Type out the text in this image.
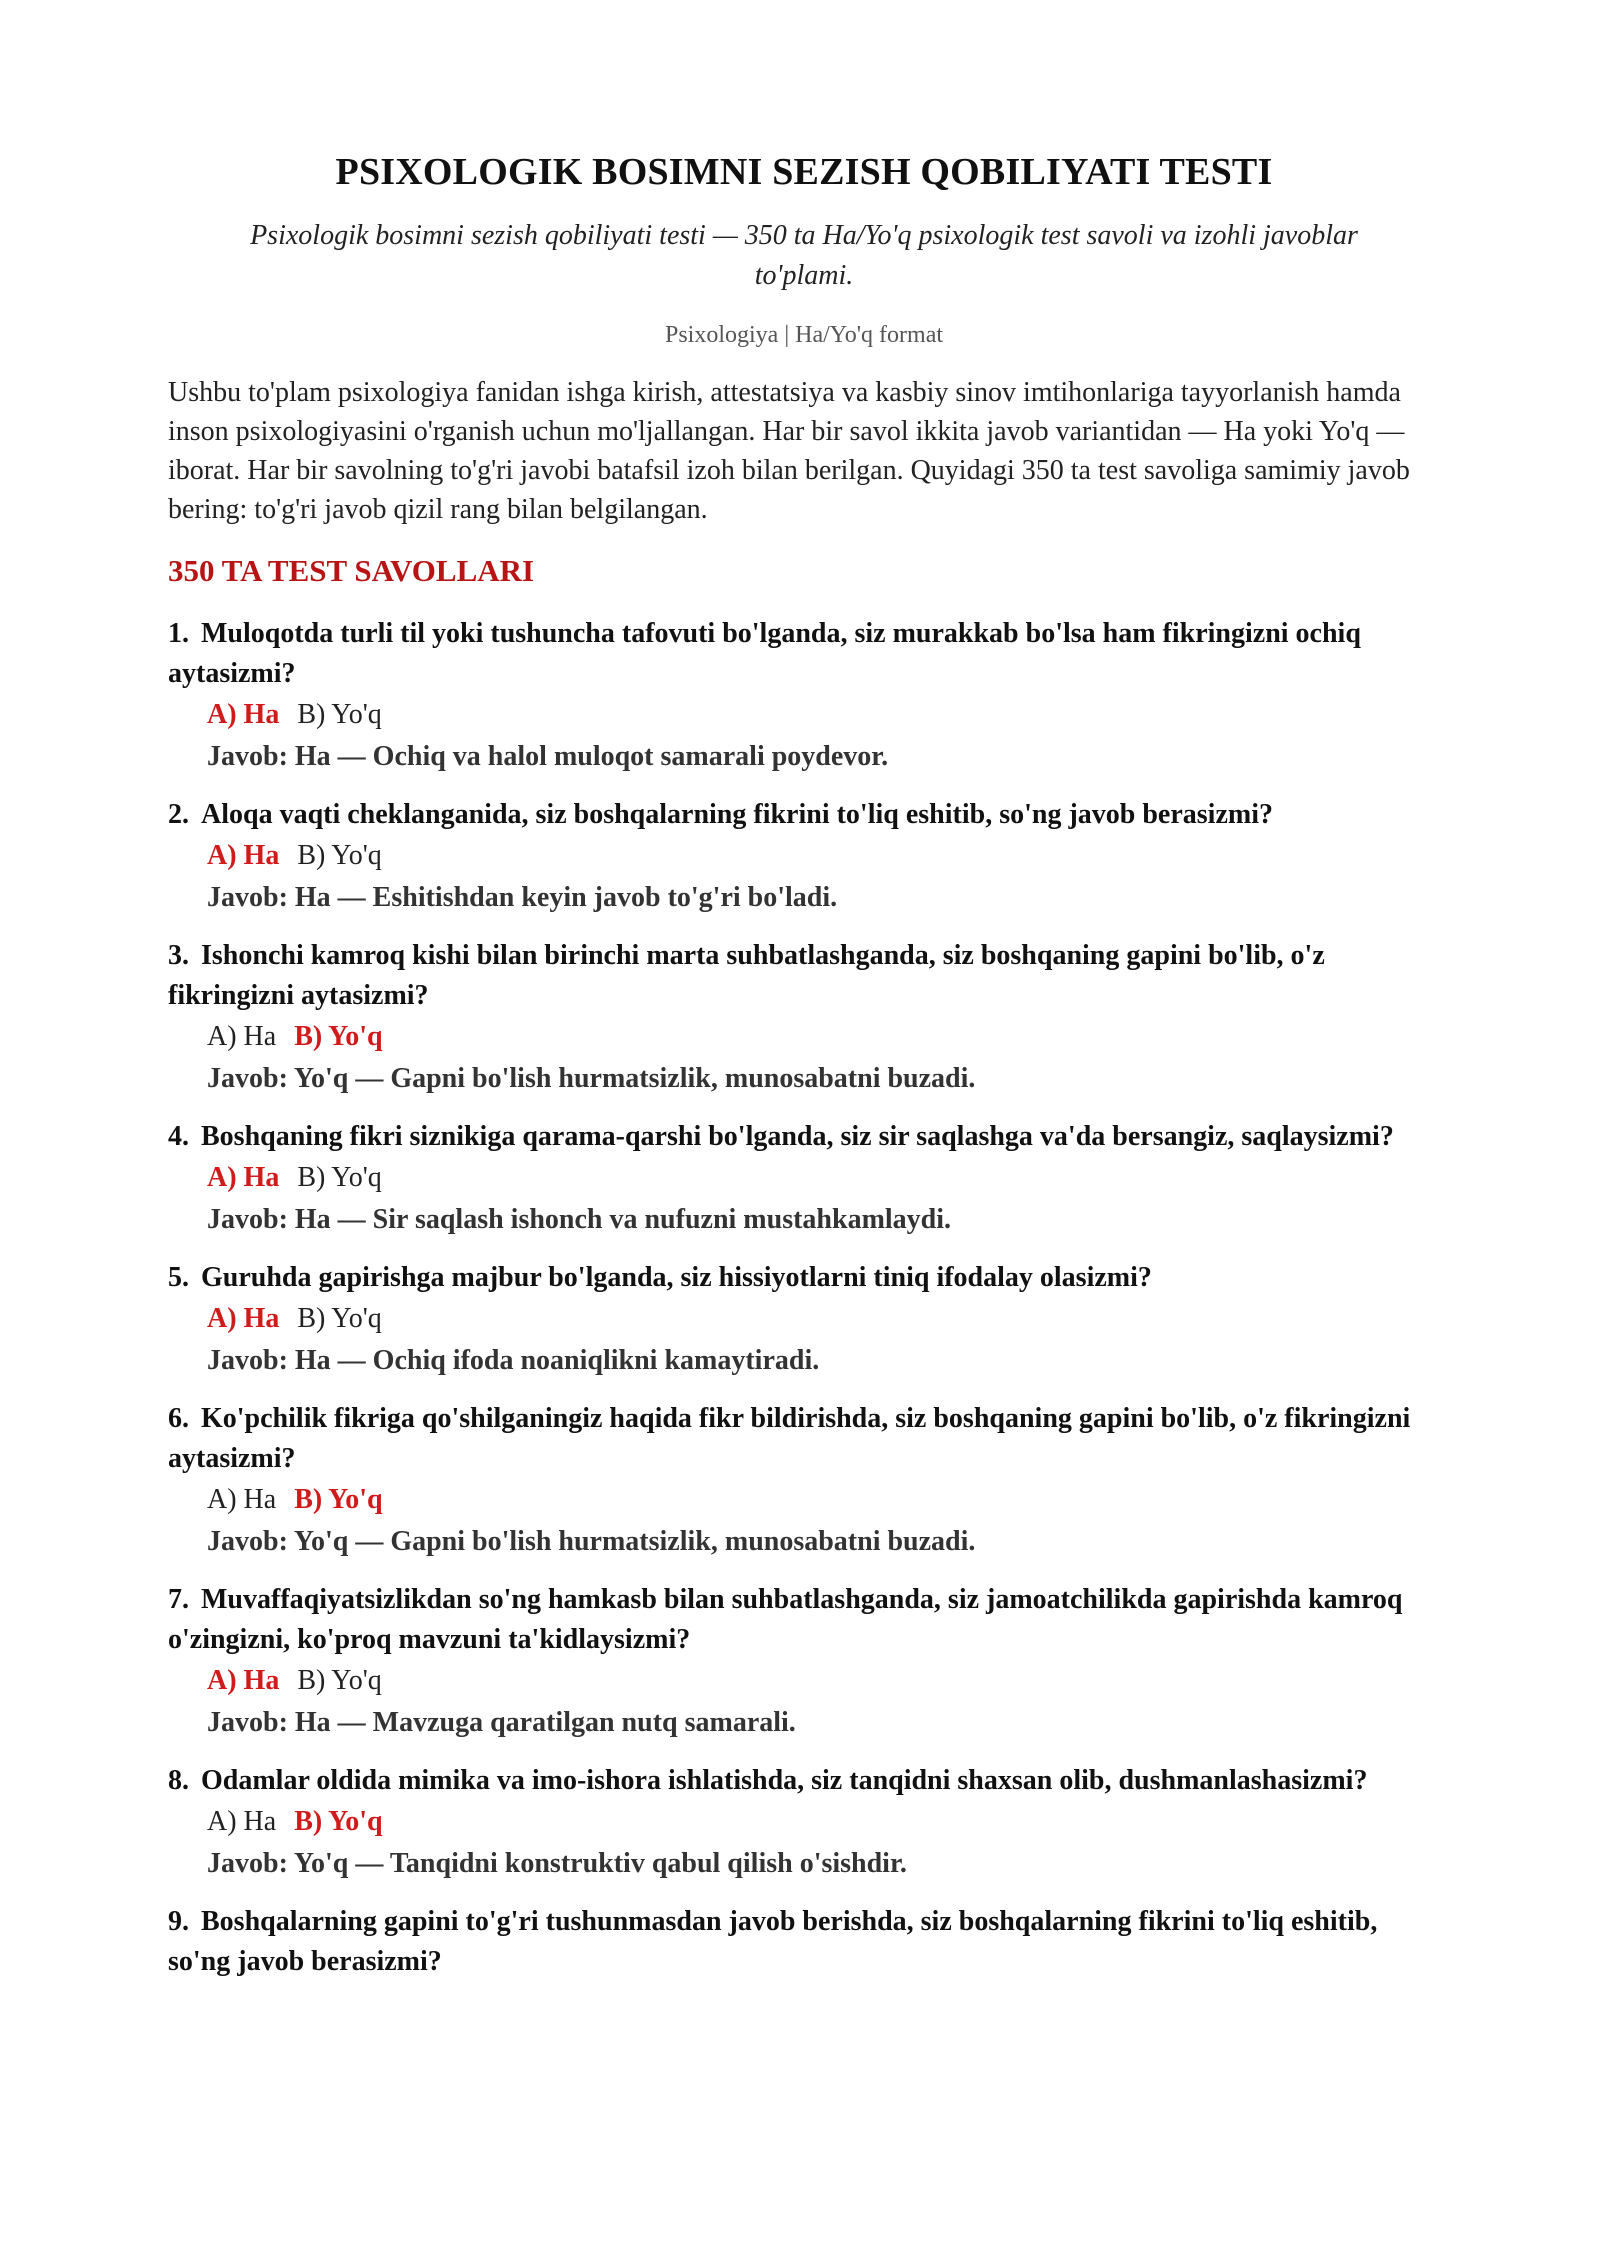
PSIXOLOGIK BOSIMNI SEZISH QOBILIYATI TESTI
Psixologik bosimni sezish qobiliyati testi — 350 ta Ha/Yo'q psixologik test savoli va izohli javoblar to'plami.
Psixologiya | Ha/Yo'q format
Ushbu to'plam psixologiya fanidan ishga kirish, attestatsiya va kasbiy sinov imtihonlariga tayyorlanish hamda inson psixologiyasini o'rganish uchun mo'ljallangan. Har bir savol ikkita javob variantidan — Ha yoki Yo'q — iborat. Har bir savolning to'g'ri javobi batafsil izoh bilan berilgan. Quyidagi 350 ta test savoliga samimiy javob bering: to'g'ri javob qizil rang bilan belgilangan.
350 TA TEST SAVOLLARI
1. Muloqotda turli til yoki tushuncha tafovuti bo'lganda, siz murakkab bo'lsa ham fikringizni ochiq aytasizmi?
A) Ha B) Yo'q
Javob: Ha — Ochiq va halol muloqot samarali poydevor.
2. Aloqa vaqti cheklanganida, siz boshqalarning fikrini to'liq eshitib, so'ng javob berasizmi?
A) Ha B) Yo'q
Javob: Ha — Eshitishdan keyin javob to'g'ri bo'ladi.
3. Ishonchi kamroq kishi bilan birinchi marta suhbatlashganda, siz boshqaning gapini bo'lib, o'z fikringizni aytasizmi?
A) Ha B) Yo'q
Javob: Yo'q — Gapni bo'lish hurmatsizlik, munosabatni buzadi.
4. Boshqaning fikri siznikiga qarama-qarshi bo'lganda, siz sir saqlashga va'da bersangiz, saqlaysizmi?
A) Ha B) Yo'q
Javob: Ha — Sir saqlash ishonch va nufuzni mustahkamlaydi.
5. Guruhda gapirishga majbur bo'lganda, siz hissiyotlarni tiniq ifodalay olasizmi?
A) Ha B) Yo'q
Javob: Ha — Ochiq ifoda noaniqlikni kamaytiradi.
6. Ko'pchilik fikriga qo'shilganingiz haqida fikr bildirishda, siz boshqaning gapini bo'lib, o'z fikringizni aytasizmi?
A) Ha B) Yo'q
Javob: Yo'q — Gapni bo'lish hurmatsizlik, munosabatni buzadi.
7. Muvaffaqiyatsizlikdan so'ng hamkasb bilan suhbatlashganda, siz jamoatchilikda gapirishda kamroq o'zingizni, ko'proq mavzuni ta'kidlaysizmi?
A) Ha B) Yo'q
Javob: Ha — Mavzuga qaratilgan nutq samarali.
8. Odamlar oldida mimika va imo-ishora ishlatishda, siz tanqidni shaxsan olib, dushmanlashasizmi?
A) Ha B) Yo'q
Javob: Yo'q — Tanqidni konstruktiv qabul qilish o'sishdir.
9. Boshqalarning gapini to'g'ri tushunmasdan javob berishda, siz boshqalarning fikrini to'liq eshitib, so'ng javob berasizmi?
